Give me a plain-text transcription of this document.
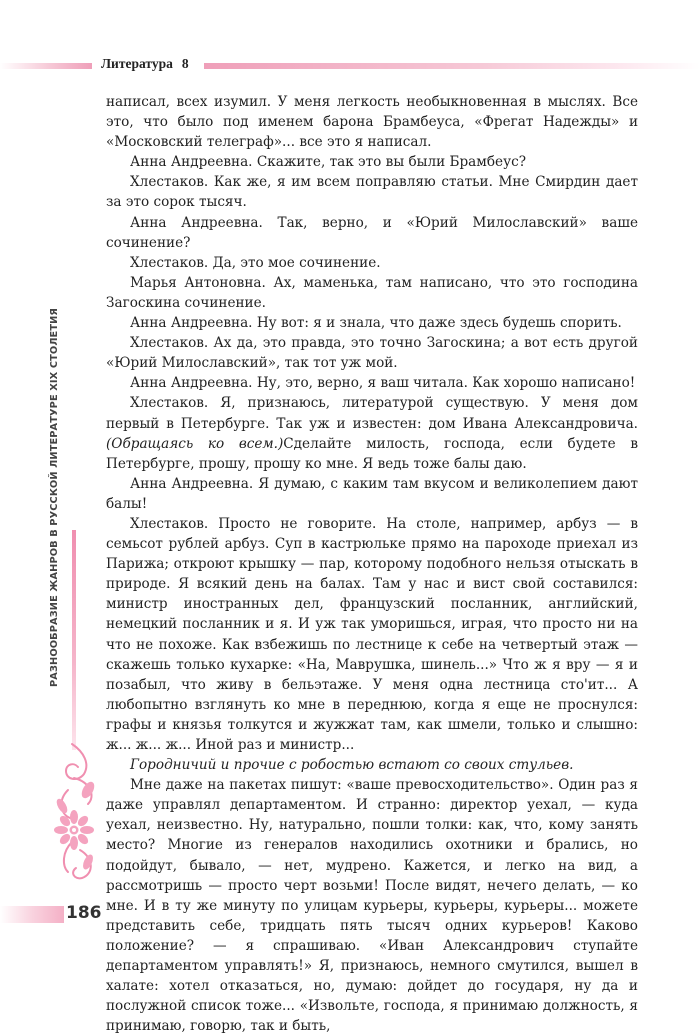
Литература 8
РАЗНООБРАЗИЕ ЖАНРОВ В РУССКОЙ ЛИТЕРАТУРЕ XIX СТОЛЕТИЯ
186

написал, всех изумил. У меня легкость необыкновенная в мыслях. Все это, что было под именем барона Брамбеуса, «Фрегат Надежды» и «Московский телеграф»... все это я написал.

Анна Андреевна. Скажите, так это вы были Брамбеус?

Хлестаков. Как же, я им всем поправляю статьи. Мне Смирдин дает за это сорок тысяч.

Анна Андреевна. Так, верно, и «Юрий Милославский» ваше сочинение?

Хлестаков. Да, это мое сочинение.

Марья Антоновна. Ах, маменька, там написано, что это господина Загоскина сочинение.

Анна Андреевна. Ну вот: я и знала, что даже здесь будешь спорить.

Хлестаков. Ах да, это правда, это точно Загоскина; а вот есть другой «Юрий Милославский», так тот уж мой.

Анна Андреевна. Ну, это, верно, я ваш читала. Как хорошо написано!

Хлестаков. Я, признаюсь, литературой существую. У меня дом первый в Петербурге. Так уж и известен: дом Ивана Александровича. (Обращаясь ко всем.)Сделайте милость, господа, если будете в Петербурге, прошу, прошу ко мне. Я ведь тоже балы даю.

Анна Андреевна. Я думаю, с каким там вкусом и великолепием дают балы!

Хлестаков. Просто не говорите. На столе, например, арбуз — в семьсот рублей арбуз. Суп в кастрюльке прямо на пароходе приехал из Парижа; откроют крышку — пар, которому подобного нельзя отыскать в природе. Я всякий день на балах. Там у нас и вист свой составился: министр иностранных дел, французский посланник, английский, немецкий посланник и я. И уж так уморишься, играя, что просто ни на что не похоже. Как взбежишь по лестнице к себе на четвертый этаж — скажешь только кухарке: «На, Маврушка, шинель...» Что ж я вру — я и позабыл, что живу в бельэтаже. У меня одна лестница сто'ит... А любопытно взглянуть ко мне в переднюю, когда я еще не проснулся: графы и князья толкутся и жужжат там, как шмели, только и слышно: ж... ж... ж... Иной раз и министр...

Городничий и прочие с робостью встают со своих стульев.

Мне даже на пакетах пишут: «ваше превосходительство». Один раз я даже управлял департаментом. И странно: директор уехал, — куда уехал, неизвестно. Ну, натурально, пошли толки: как, что, кому занять место? Многие из генералов находились охотники и брались, но подойдут, бывало, — нет, мудрено. Кажется, и легко на вид, а рассмотришь — просто черт возьми! После видят, нечего делать, — ко мне. И в ту же минуту по улицам курьеры, курьеры, курьеры... можете представить себе, тридцать пять тысяч одних курьеров! Каково положение? — я спрашиваю. «Иван Александрович ступайте департаментом управлять!» Я, признаюсь, немного смутился, вышел в халате: хотел отказаться, но, думаю: дойдет до государя, ну да и послужной список тоже... «Извольте, господа, я принимаю должность, я принимаю, говорю, так и быть,
